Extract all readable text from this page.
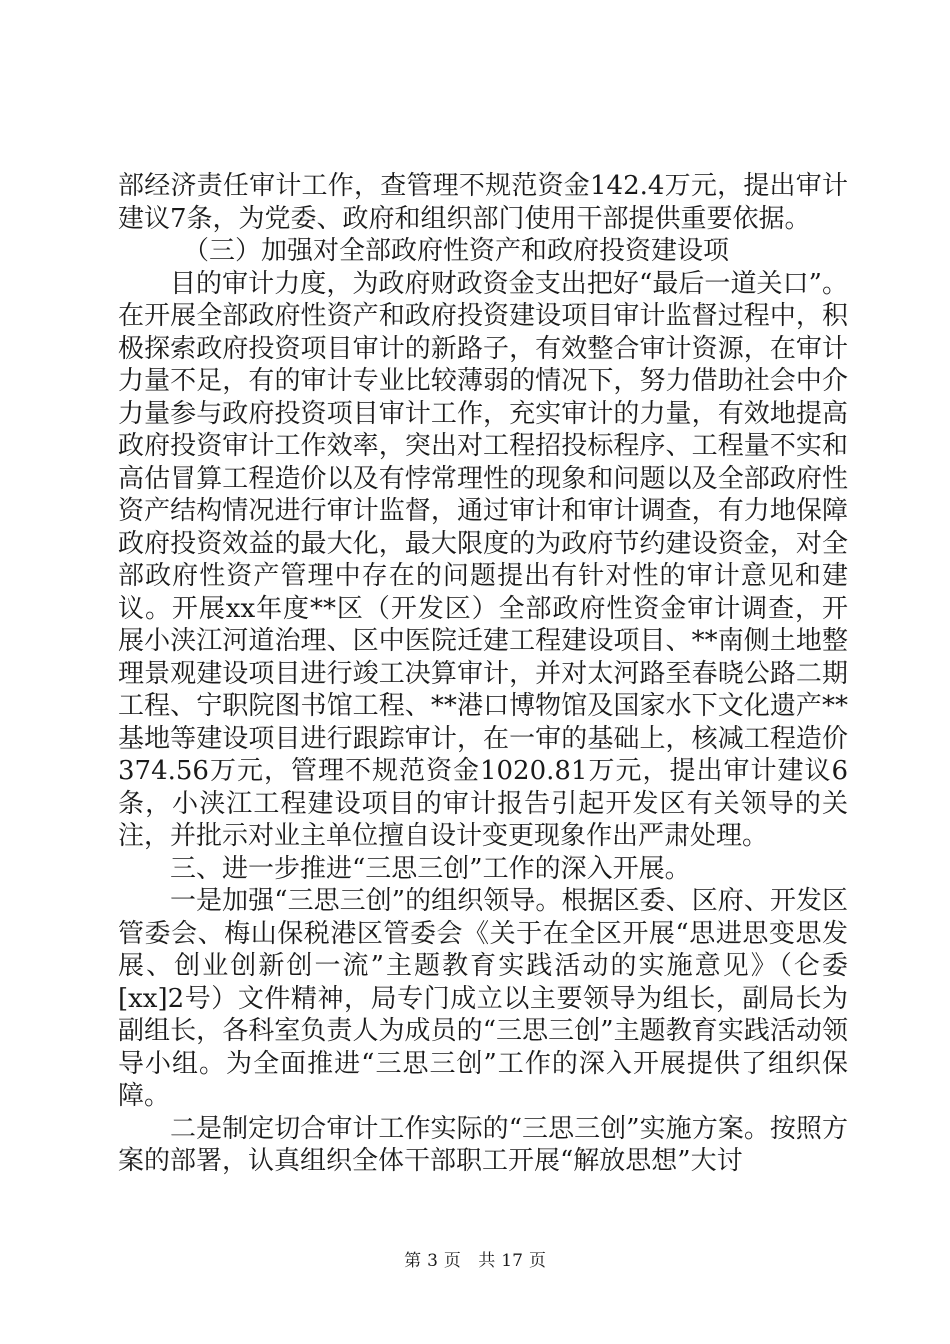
部经济责任审计工作，查管理不规范资金142.4万元，提出审计建议7条，为党委、政府和组织部门使用干部提供重要依据。

（三）加强对全部政府性资产和政府投资建设项

目的审计力度，为政府财政资金支出把好“最后一道关口”。在开展全部政府性资产和政府投资建设项目审计监督过程中，积极探索政府投资项目审计的新路子，有效整合审计资源，在审计力量不足，有的审计专业比较薄弱的情况下，努力借助社会中介力量参与政府投资项目审计工作，充实审计的力量，有效地提高政府投资审计工作效率，突出对工程招投标程序、工程量不实和高估冒算工程造价以及有悖常理性的现象和问题以及全部政府性资产结构情况进行审计监督，通过审计和审计调查，有力地保障政府投资效益的最大化，最大限度的为政府节约建设资金，对全部政府性资产管理中存在的问题提出有针对性的审计意见和建议。开展xx年度**区（开发区）全部政府性资金审计调查，开展小浃江河道治理、区中医院迁建工程建设项目、**南侧土地整理景观建设项目进行竣工决算审计，并对太河路至春晓公路二期工程、宁职院图书馆工程、**港口博物馆及国家水下文化遗产**基地等建设项目进行跟踪审计，在一审的基础上，核减工程造价374.56万元，管理不规范资金1020.81万元，提出审计建议6条，小浃江工程建设项目的审计报告引起开发区有关领导的关注，并批示对业主单位擅自设计变更现象作出严肃处理。

三、进一步推进“三思三创”工作的深入开展。

一是加强“三思三创”的组织领导。根据区委、区府、开发区管委会、梅山保税港区管委会《关于在全区开展“思进思变思发展、创业创新创一流”主题教育实践活动的实施意见》（仑委[xx]2号）文件精神，局专门成立以主要领导为组长，副局长为副组长，各科室负责人为成员的“三思三创”主题教育实践活动领导小组。为全面推进“三思三创”工作的深入开展提供了组织保障。

二是制定切合审计工作实际的“三思三创”实施方案。按照方案的部署，认真组织全体干部职工开展“解放思想”大讨

第 3 页 共 17 页
